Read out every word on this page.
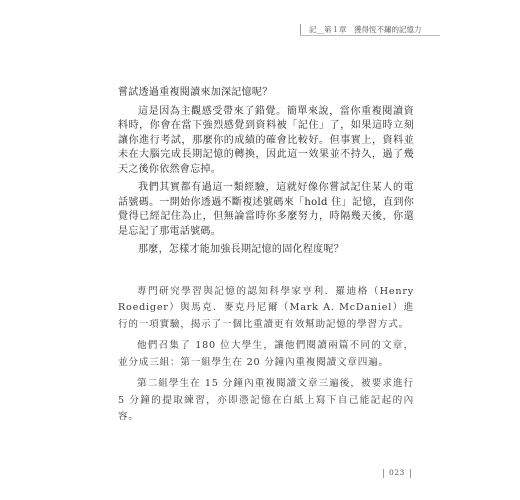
記__第１章　獲得恆不鏽的記憶力

嘗試透過重複閱讀來加深記憶呢？

這是因為主觀感受帶來了錯覺。簡單來說，當你重複閱讀資料時，你會在當下強烈感覺到資料被「記住」了，如果這時立刻讓你進行考試，那麼你的成績的確會比較好。但事實上，資料並未在大腦完成長期記憶的轉換，因此這一效果並不持久，過了幾天之後你依然會忘掉。

我們其實都有過這一類經驗，這就好像你嘗試記住某人的電話號碼。一開始你透過不斷複述號碼來「hold 住」記憶，直到你覺得已經記住為止，但無論當時你多麼努力，時隔幾天後，你還是忘記了那電話號碼。

那麼，怎樣才能加強長期記憶的固化程度呢？

專門研究學習與記憶的認知科學家亨利．羅迪格（Henry Roediger）與馬克．麥克丹尼爾（Mark A. McDaniel）進行的一項實驗，揭示了一個比重讀更有效幫助記憶的學習方式。

他們召集了 180 位大學生，讓他們閱讀兩篇不同的文章，並分成三組：第一組學生在 20 分鐘內重複閱讀文章四遍。

第二組學生在 15 分鐘內重複閱讀文章三遍後，被要求進行 5 分鐘的提取練習，亦即憑記憶在白紙上寫下自己能記起的內容。

023
